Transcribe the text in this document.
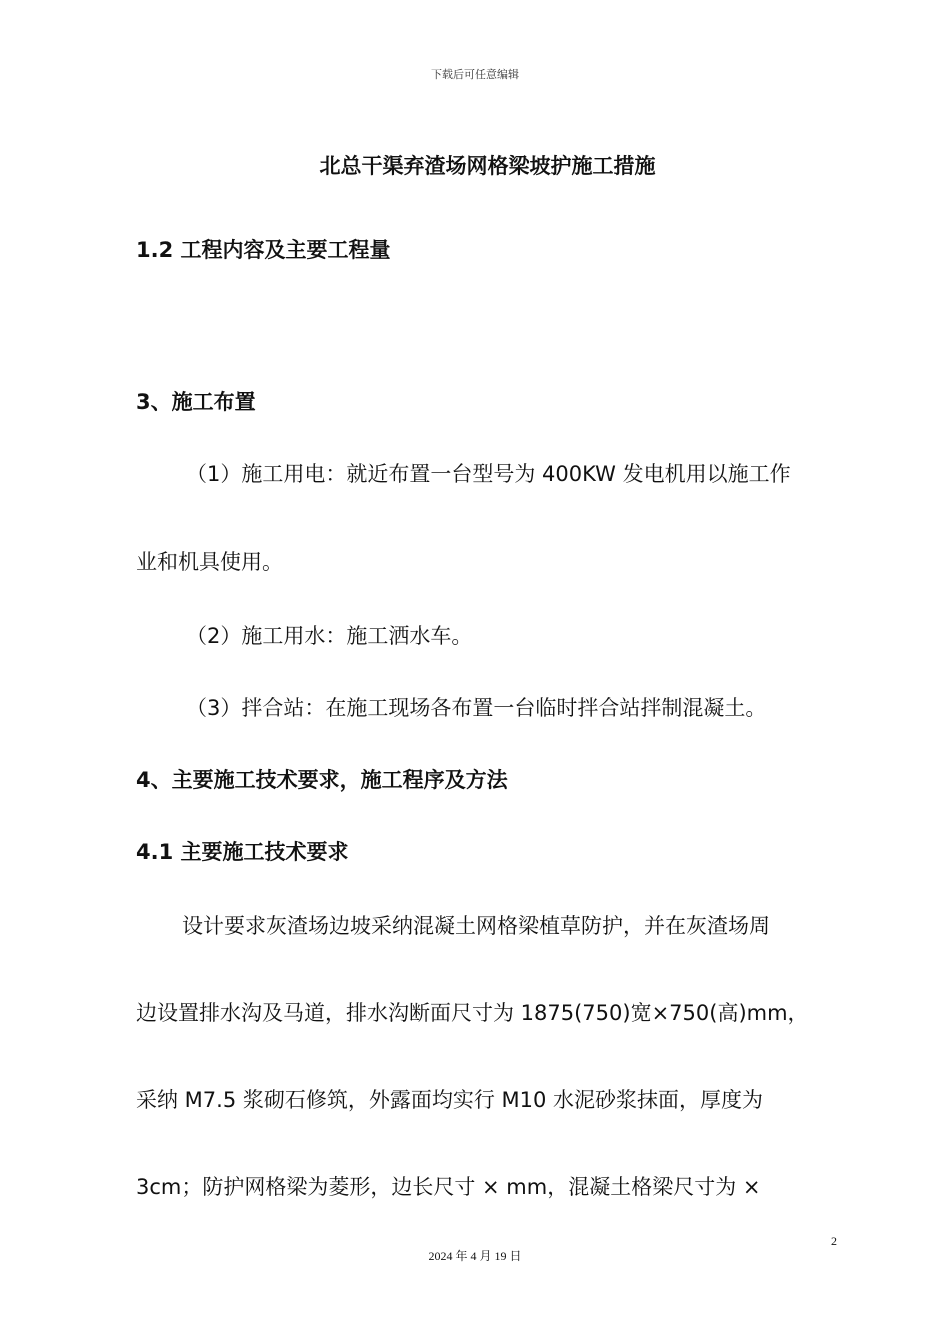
下载后可任意编辑
北总干渠弃渣场网格梁坡护施工措施
1.2 工程内容及主要工程量
3、施工布置
（1）施工用电：就近布置一台型号为 400KW 发电机用以施工作
业和机具使用。
（2）施工用水：施工洒水车。
（3）拌合站：在施工现场各布置一台临时拌合站拌制混凝土。
4、主要施工技术要求，施工程序及方法
4.1 主要施工技术要求
设计要求灰渣场边坡采纳混凝土网格梁植草防护，并在灰渣场周
边设置排水沟及马道，排水沟断面尺寸为 1875(750)宽×750(高)mm，
采纳 M7.5 浆砌石修筑，外露面均实行 M10 水泥砂浆抹面，厚度为
3cm；防护网格梁为菱形，边长尺寸 × mm，混凝土格梁尺寸为 ×
2
2024 年 4 月 19 日
